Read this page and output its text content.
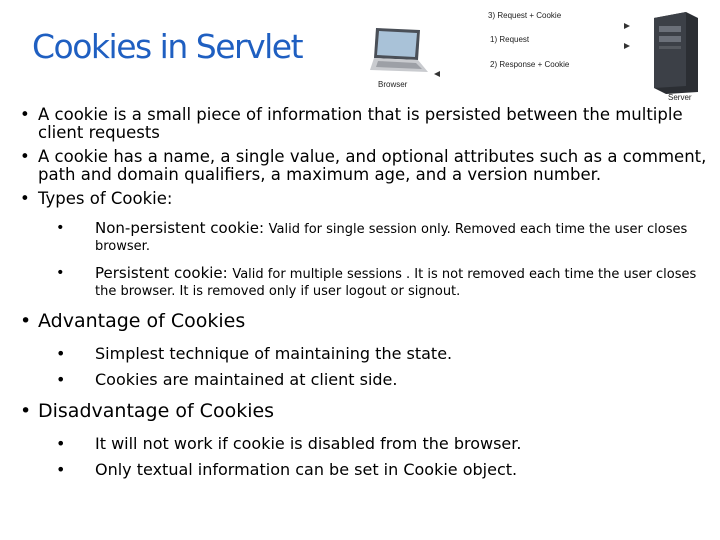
Cookies in Servlet
Browser
3) Request + Cookie
1) Request
2) Response + Cookie
Server
• A cookie is a small piece of information that is persisted between the multiple client requests
• A cookie has a name, a single value, and optional attributes such as a comment, path and domain qualifiers, a maximum age, and a version number.
• Types of Cookie:
• Non-persistent cookie: Valid for single session only. Removed each time the user closes browser.
• Persistent cookie: Valid for multiple sessions . It is not removed each time the user closes the browser. It is removed only if user logout or signout.
• Advantage of Cookies
• Simplest technique of maintaining the state.
• Cookies are maintained at client side.
• Disadvantage of Cookies
• It will not work if cookie is disabled from the browser.
• Only textual information can be set in Cookie object.
